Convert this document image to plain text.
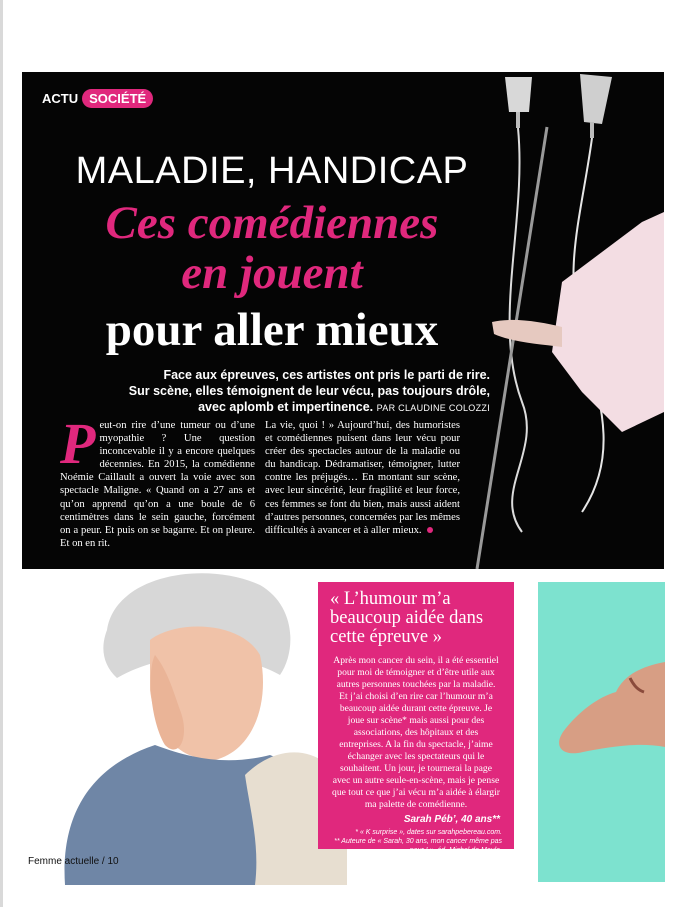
ACTU SOCIÉTÉ
MALADIE, HANDICAP
Ces comédiennes
en jouent
pour aller mieux
Face aux épreuves, ces artistes ont pris le parti de rire.
Sur scène, elles témoignent de leur vécu, pas toujours drôle,
avec aplomb et impertinence. PAR CLAUDINE COLOZZI
P eut-on rire d’une tumeur ou d’une myopathie ? Une question inconcevable il y a encore quelques décennies. En 2015, la comédienne Noémie Caillault a ouvert la voie avec son spectacle Maligne. « Quand on a 27 ans et qu’on apprend qu’on a une boule de 6 centimètres dans le sein gauche, forcément on a peur. Et puis on se bagarre. Et on pleure. Et on en rit.
La vie, quoi ! » Aujourd’hui, des humoristes et comédiennes puisent dans leur vécu pour créer des spectacles autour de la maladie ou du handicap. Dédramatiser, témoigner, lutter contre les préjugés… En montant sur scène, avec leur sincérité, leur fragilité et leur force, ces femmes se font du bien, mais aussi aident d’autres personnes, concernées par les mêmes difficultés à avancer et à aller mieux.
« L’humour m’a beaucoup aidée dans cette épreuve »
Après mon cancer du sein, il a été essentiel pour moi de témoigner et d’être utile aux autres personnes touchées par la maladie. Et j’ai choisi d’en rire car l’humour m’a beaucoup aidée durant cette épreuve. Je joue sur scène* mais aussi pour des associations, des hôpitaux et des entreprises. A la fin du spectacle, j’aime échanger avec les spectateurs qui le souhaitent. Un jour, je tournerai la page avec un autre seule-en-scène, mais je pense que tout ce que j’ai vécu m’a aidée à élargir ma palette de comédienne.
Sarah Péb’, 40 ans**
* « K surprise », dates sur sarahpebereau.com.
** Auteure de « Sarah, 30 ans, mon cancer même pas peur ! », éd. Michel de Maule.
Femme actuelle / 10
